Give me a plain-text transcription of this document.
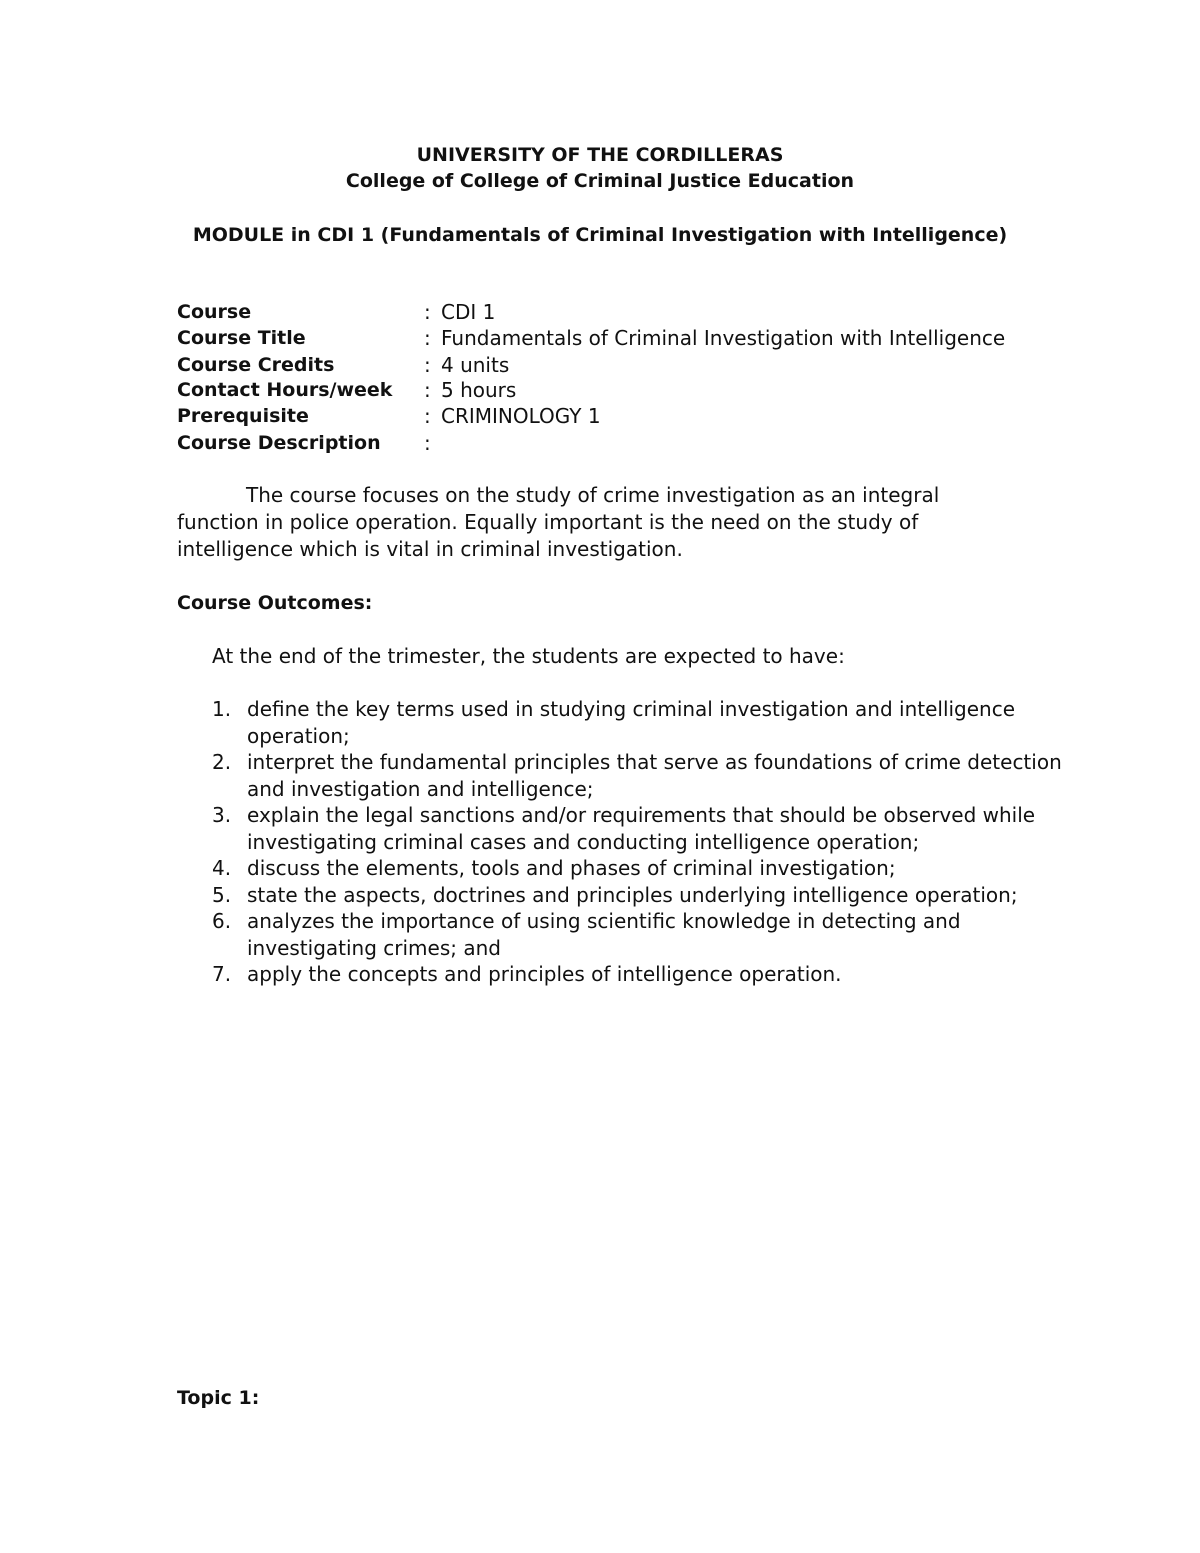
UNIVERSITY OF THE CORDILLERAS
College of College of Criminal Justice Education
MODULE in CDI 1 (Fundamentals of Criminal Investigation with Intelligence)
Course	: CDI 1
Course Title	: Fundamentals of Criminal Investigation with Intelligence
Course Credits	: 4 units
Contact Hours/week : 5 hours
Prerequisite	: CRIMINOLOGY 1
Course Description :

The course focuses on the study of crime investigation as an integral function in police operation. Equally important is the need on the study of intelligence which is vital in criminal investigation.

Course Outcomes:
At the end of the trimester, the students are expected to have:
1. define the key terms used in studying criminal investigation and intelligence operation;
2. interpret the fundamental principles that serve as foundations of crime detection and investigation and intelligence;
3. explain the legal sanctions and/or requirements that should be observed while investigating criminal cases and conducting intelligence operation;
4. discuss the elements, tools and phases of criminal investigation;
5. state the aspects, doctrines and principles underlying intelligence operation;
6. analyzes the importance of using scientific knowledge in detecting and investigating crimes; and
7. apply the concepts and principles of intelligence operation.
Topic 1:
